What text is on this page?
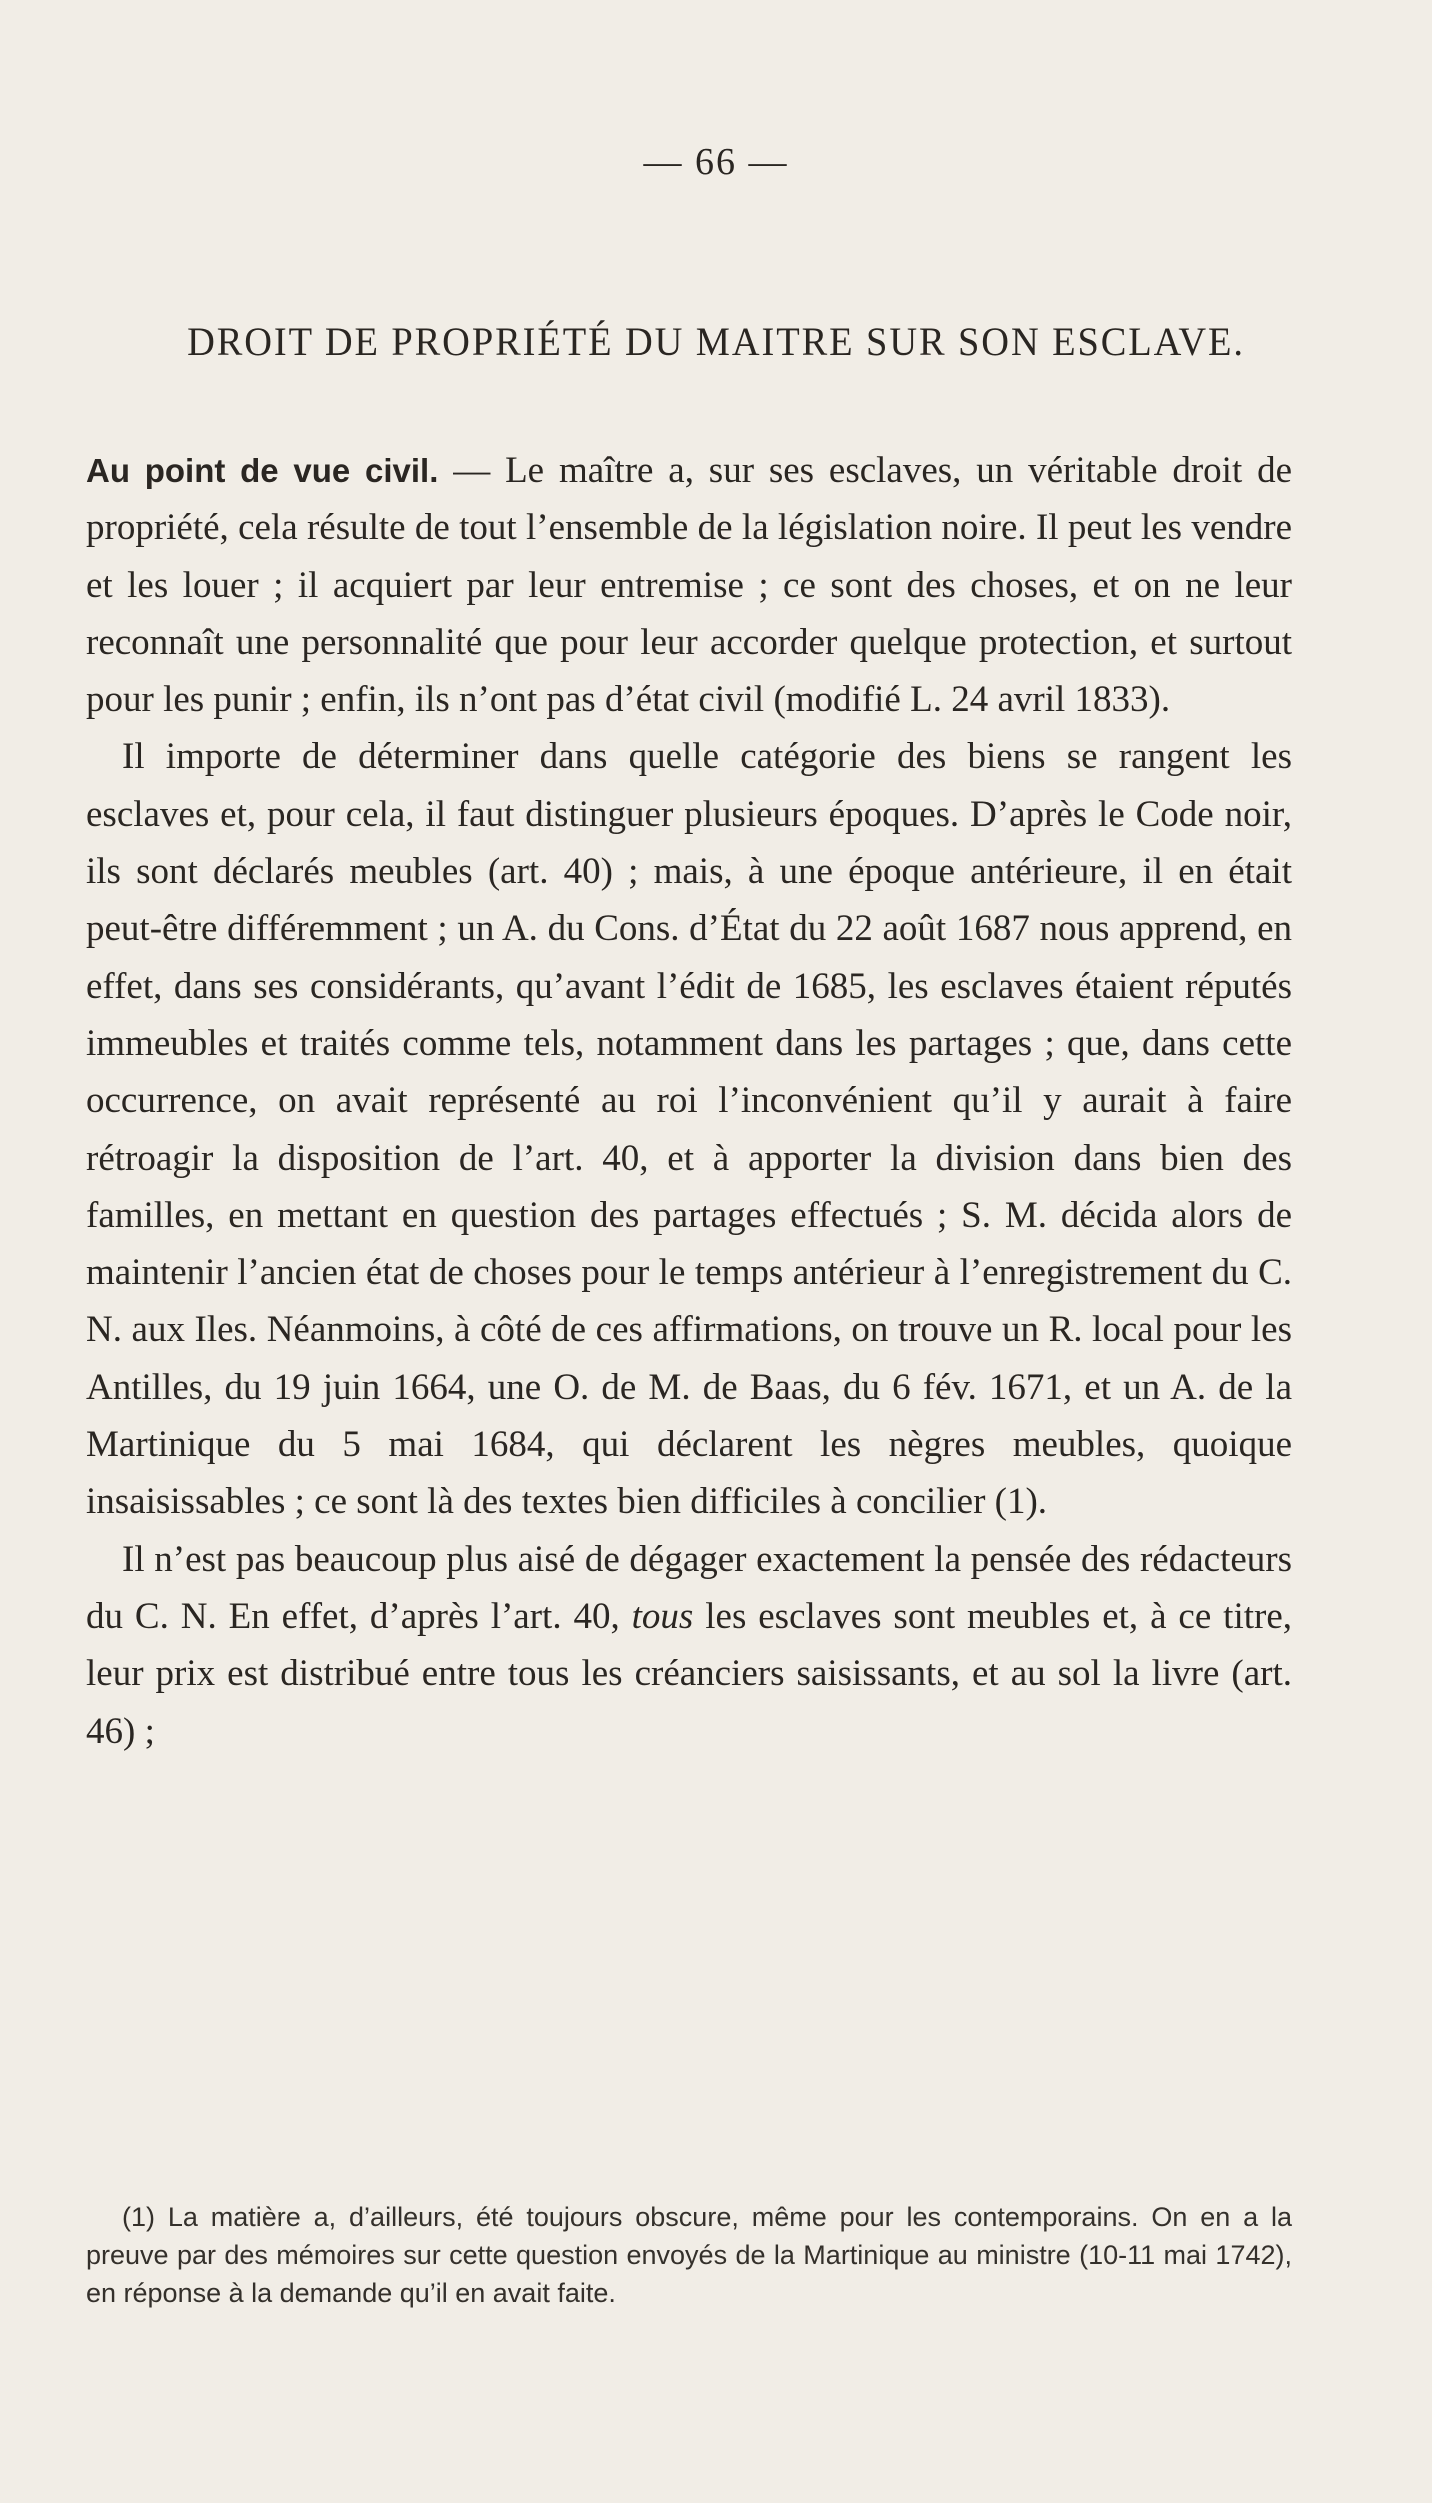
— 66 —
DROIT DE PROPRIÉTÉ DU MAITRE SUR SON ESCLAVE.

Au point de vue civil. — Le maître a, sur ses esclaves, un véritable droit de propriété, cela résulte de tout l’ensemble de la législation noire. Il peut les vendre et les louer ; il acquiert par leur entremise ; ce sont des choses, et on ne leur reconnaît une personnalité que pour leur accorder quelque protection, et surtout pour les punir ; enfin, ils n’ont pas d’état civil (modifié L. 24 avril 1833).

Il importe de déterminer dans quelle catégorie des biens se rangent les esclaves et, pour cela, il faut distinguer plusieurs époques. D’après le Code noir, ils sont déclarés meubles (art. 40) ; mais, à une époque antérieure, il en était peut-être différemment ; un A. du Cons. d’État du 22 août 1687 nous apprend, en effet, dans ses considérants, qu’avant l’édit de 1685, les esclaves étaient réputés immeubles et traités comme tels, notamment dans les partages ; que, dans cette occurrence, on avait représenté au roi l’inconvénient qu’il y aurait à faire rétroagir la disposition de l’art. 40, et à apporter la division dans bien des familles, en mettant en question des partages effectués ; S. M. décida alors de maintenir l’ancien état de choses pour le temps antérieur à l’enregistrement du C. N. aux Iles. Néanmoins, à côté de ces affirmations, on trouve un R. local pour les Antilles, du 19 juin 1664, une O. de M. de Baas, du 6 fév. 1671, et un A. de la Martinique du 5 mai 1684, qui déclarent les nègres meubles, quoique insaisissables ; ce sont là des textes bien difficiles à concilier (1).

Il n’est pas beaucoup plus aisé de dégager exactement la pensée des rédacteurs du C. N. En effet, d’après l’art. 40, tous les esclaves sont meubles et, à ce titre, leur prix est distribué entre tous les créanciers saisissants, et au sol la livre (art. 46) ;

(1) La matière a, d’ailleurs, été toujours obscure, même pour les contemporains. On en a la preuve par des mémoires sur cette question envoyés de la Martinique au ministre (10-11 mai 1742), en réponse à la demande qu’il en avait faite.
